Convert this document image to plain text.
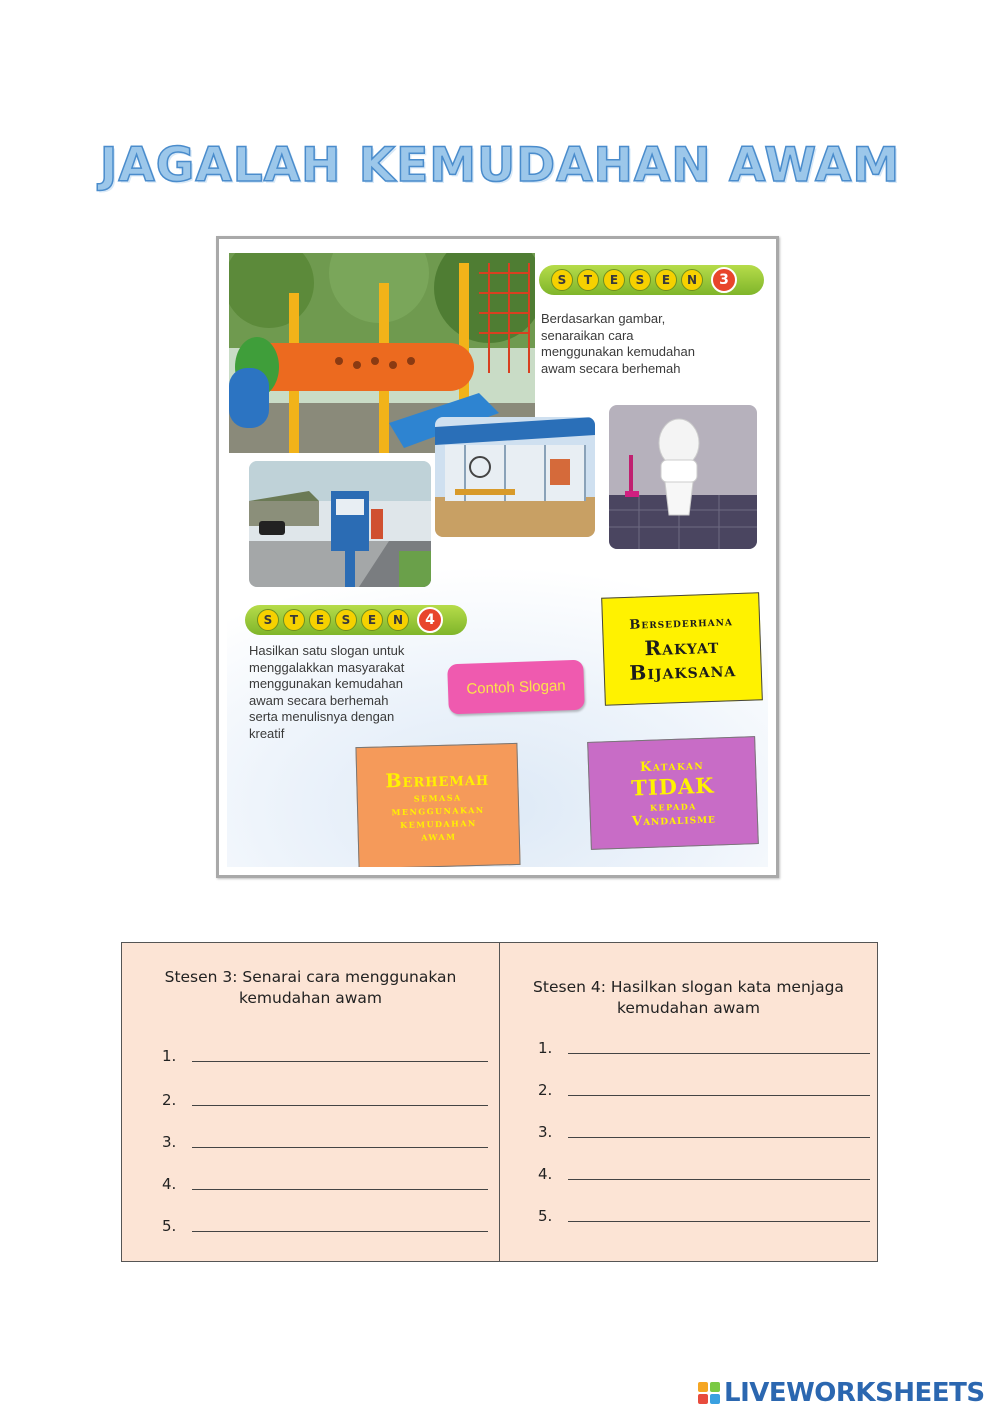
JAGALAH KEMUDAHAN AWAM
S	T	E	S	E	N	3
Berdasarkan gambar,
senaraikan cara
menggunakan kemudahan
awam secara berhemah
S	T	E	S	E	N	4
Hasilkan satu slogan untuk
menggalakkan masyarakat
menggunakan kemudahan
awam secara berhemah
serta menulisnya dengan
kreatif
Contoh Slogan
Bersederhana
Rakyat
Bijaksana
Berhemah
semasa
menggunakan
kemudahan
awam
Katakan
TIDAK
kepada
Vandalisme
Stesen 3: Senarai cara menggunakan
kemudahan awam
1.
2.
3.
4.
5.
Stesen 4: Hasilkan slogan kata menjaga
kemudahan awam
1.
2.
3.
4.
5.
LIVEWORKSHEETS
